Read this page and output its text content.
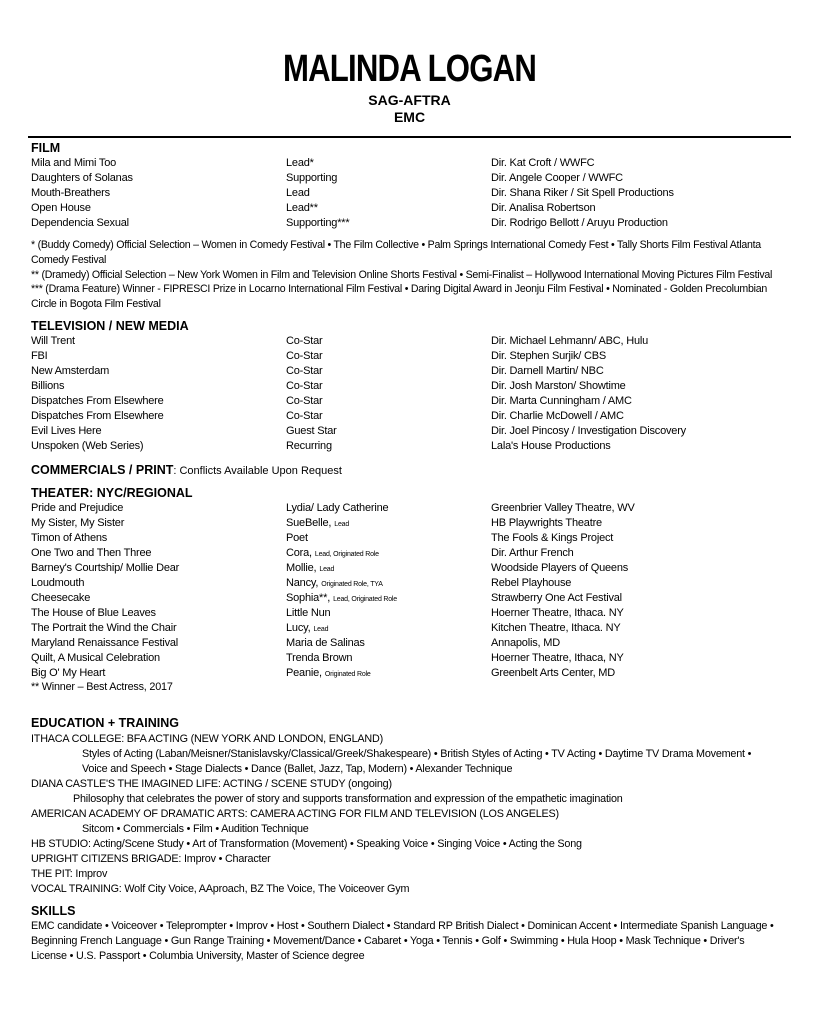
MALINDA LOGAN
SAG-AFTRA
EMC
FILM
Mila and Mimi Too	Lead*	Dir. Kat Croft / WWFC
Daughters of Solanas	Supporting	Dir. Angele Cooper / WWFC
Mouth-Breathers	Lead	Dir. Shana Riker / Sit Spell Productions
Open House	Lead**	Dir. Analisa Robertson
Dependencia Sexual	Supporting***	Dir. Rodrigo Bellott / Aruyu Production
* (Buddy Comedy) Official Selection – Women in Comedy Festival • The Film Collective • Palm Springs International Comedy Fest • Tally Shorts Film Festival Atlanta Comedy Festival
** (Dramedy) Official Selection – New York Women in Film and Television Online Shorts Festival • Semi-Finalist – Hollywood International Moving Pictures Film Festival
*** (Drama Feature) Winner - FIPRESCI Prize in Locarno International Film Festival • Daring Digital Award in Jeonju Film Festival • Nominated - Golden Precolumbian Circle in Bogota Film Festival
TELEVISION / NEW MEDIA
Will Trent	Co-Star	Dir. Michael Lehmann/ ABC, Hulu
FBI	Co-Star	Dir. Stephen Surjik/ CBS
New Amsterdam	Co-Star	Dir. Darnell Martin/ NBC
Billions	Co-Star	Dir. Josh Marston/ Showtime
Dispatches From Elsewhere	Co-Star	Dir. Marta Cunningham / AMC
Dispatches From Elsewhere	Co-Star	Dir. Charlie McDowell / AMC
Evil Lives Here	Guest Star	Dir. Joel Pincosy / Investigation Discovery
Unspoken (Web Series)	Recurring	Lala's House Productions
COMMERCIALS / PRINT: Conflicts Available Upon Request
THEATER: NYC/REGIONAL
Pride and Prejudice	Lydia/ Lady Catherine	Greenbrier Valley Theatre, WV
My Sister, My Sister	SueBelle, Lead	HB Playwrights Theatre
Timon of Athens	Poet	The Fools & Kings Project
One Two and Then Three	Cora, Lead, Originated Role	Dir. Arthur French
Barney's Courtship/ Mollie Dear	Mollie, Lead	Woodside Players of Queens
Loudmouth	Nancy, Originated Role, TYA	Rebel Playhouse
Cheesecake	Sophia**, Lead, Originated Role	Strawberry One Act Festival
The House of Blue Leaves	Little Nun	Hoerner Theatre, Ithaca. NY
The Portrait the Wind the Chair	Lucy, Lead	Kitchen Theatre, Ithaca. NY
Maryland Renaissance Festival	Maria de Salinas	Annapolis, MD
Quilt, A Musical Celebration	Trenda Brown	Hoerner Theatre, Ithaca, NY
Big O' My Heart	Peanie, Originated Role	Greenbelt Arts Center, MD
** Winner – Best Actress, 2017
EDUCATION + TRAINING
ITHACA COLLEGE: BFA ACTING (NEW YORK AND LONDON, ENGLAND)
Styles of Acting (Laban/Meisner/Stanislavsky/Classical/Greek/Shakespeare) • British Styles of Acting • TV Acting • Daytime TV Drama Movement •
Voice and Speech • Stage Dialects • Dance (Ballet, Jazz, Tap, Modern) • Alexander Technique
DIANA CASTLE'S THE IMAGINED LIFE: ACTING / SCENE STUDY (ongoing)
Philosophy that celebrates the power of story and supports transformation and expression of the empathetic imagination
AMERICAN ACADEMY OF DRAMATIC ARTS: CAMERA ACTING FOR FILM AND TELEVISION (LOS ANGELES)
Sitcom • Commercials • Film • Audition Technique
HB STUDIO: Acting/Scene Study • Art of Transformation (Movement) • Speaking Voice • Singing Voice • Acting the Song
UPRIGHT CITIZENS BRIGADE: Improv • Character
THE PIT: Improv
VOCAL TRAINING: Wolf City Voice, AAproach, BZ The Voice, The Voiceover Gym
SKILLS
EMC candidate • Voiceover • Teleprompter • Improv • Host • Southern Dialect • Standard RP British Dialect • Dominican Accent • Intermediate Spanish Language •
Beginning French Language • Gun Range Training • Movement/Dance • Cabaret • Yoga • Tennis • Golf • Swimming • Hula Hoop • Mask Technique • Driver's
License • U.S. Passport • Columbia University, Master of Science degree
